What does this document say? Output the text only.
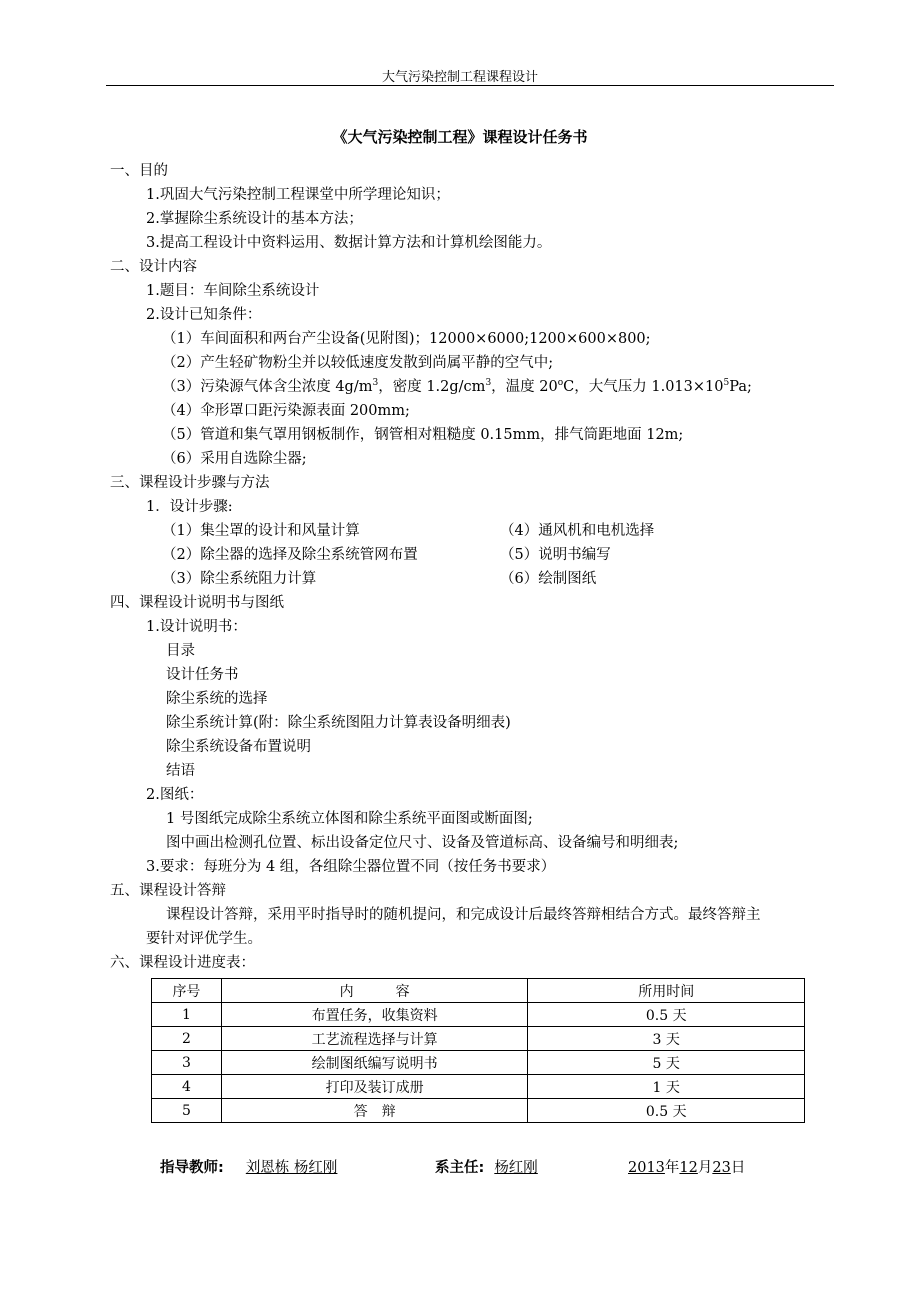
大气污染控制工程课程设计
《大气污染控制工程》课程设计任务书
一、目的
1.巩固大气污染控制工程课堂中所学理论知识；
2.掌握除尘系统设计的基本方法；
3.提高工程设计中资料运用、数据计算方法和计算机绘图能力。
二、设计内容
1.题目：车间除尘系统设计
2.设计已知条件：
（1）车间面积和两台产尘设备(见附图)；12000×6000;1200×600×800;
（2）产生轻矿物粉尘并以较低速度发散到尚属平静的空气中;
（3）污染源气体含尘浓度 $4g/m^3$，密度 $1.2g/cm^3$，温度 20$^o$C，大气压力 $1.013\times 10^5Pa$;
（4）伞形罩口距污染源表面 200mm;
（5）管道和集气罩用钢板制作，钢管相对粗糙度 0.15mm，排气筒距地面 12m;
（6）采用自选除尘器;
三、课程设计步骤与方法
1．设计步骤:
（1）集尘罩的设计和风量计算
（2）除尘器的选择及除尘系统管网布置
（3）除尘系统阻力计算
（4）通风机和电机选择
（5）说明书编写
（6）绘制图纸
四、课程设计说明书与图纸
1.设计说明书：
目录
设计任务书
除尘系统的选择
除尘系统计算(附：除尘系统图阻力计算表设备明细表)
除尘系统设备布置说明
结语
2.图纸：
1 号图纸完成除尘系统立体图和除尘系统平面图或断面图;
图中画出检测孔位置、标出设备定位尺寸、设备及管道标高、设备编号和明细表;
3.要求：每班分为 4 组，各组除尘器位置不同（按任务书要求）
五、课程设计答辩
课程设计答辩，采用平时指导时的随机提问，和完成设计后最终答辩相结合方式。最终答辩主
要针对评优学生。
六、课程设计进度表：
序号	内　　　容	所用时间
1	布置任务，收集资料	0.5 天
2	工艺流程选择与计算	3 天
3	绘制图纸编写说明书	5 天
4	打印及装订成册	1 天
5	答　辩	0.5 天
指导教师: 刘恩栋 杨红刚	系主任: 杨红刚	2013年12月23日
